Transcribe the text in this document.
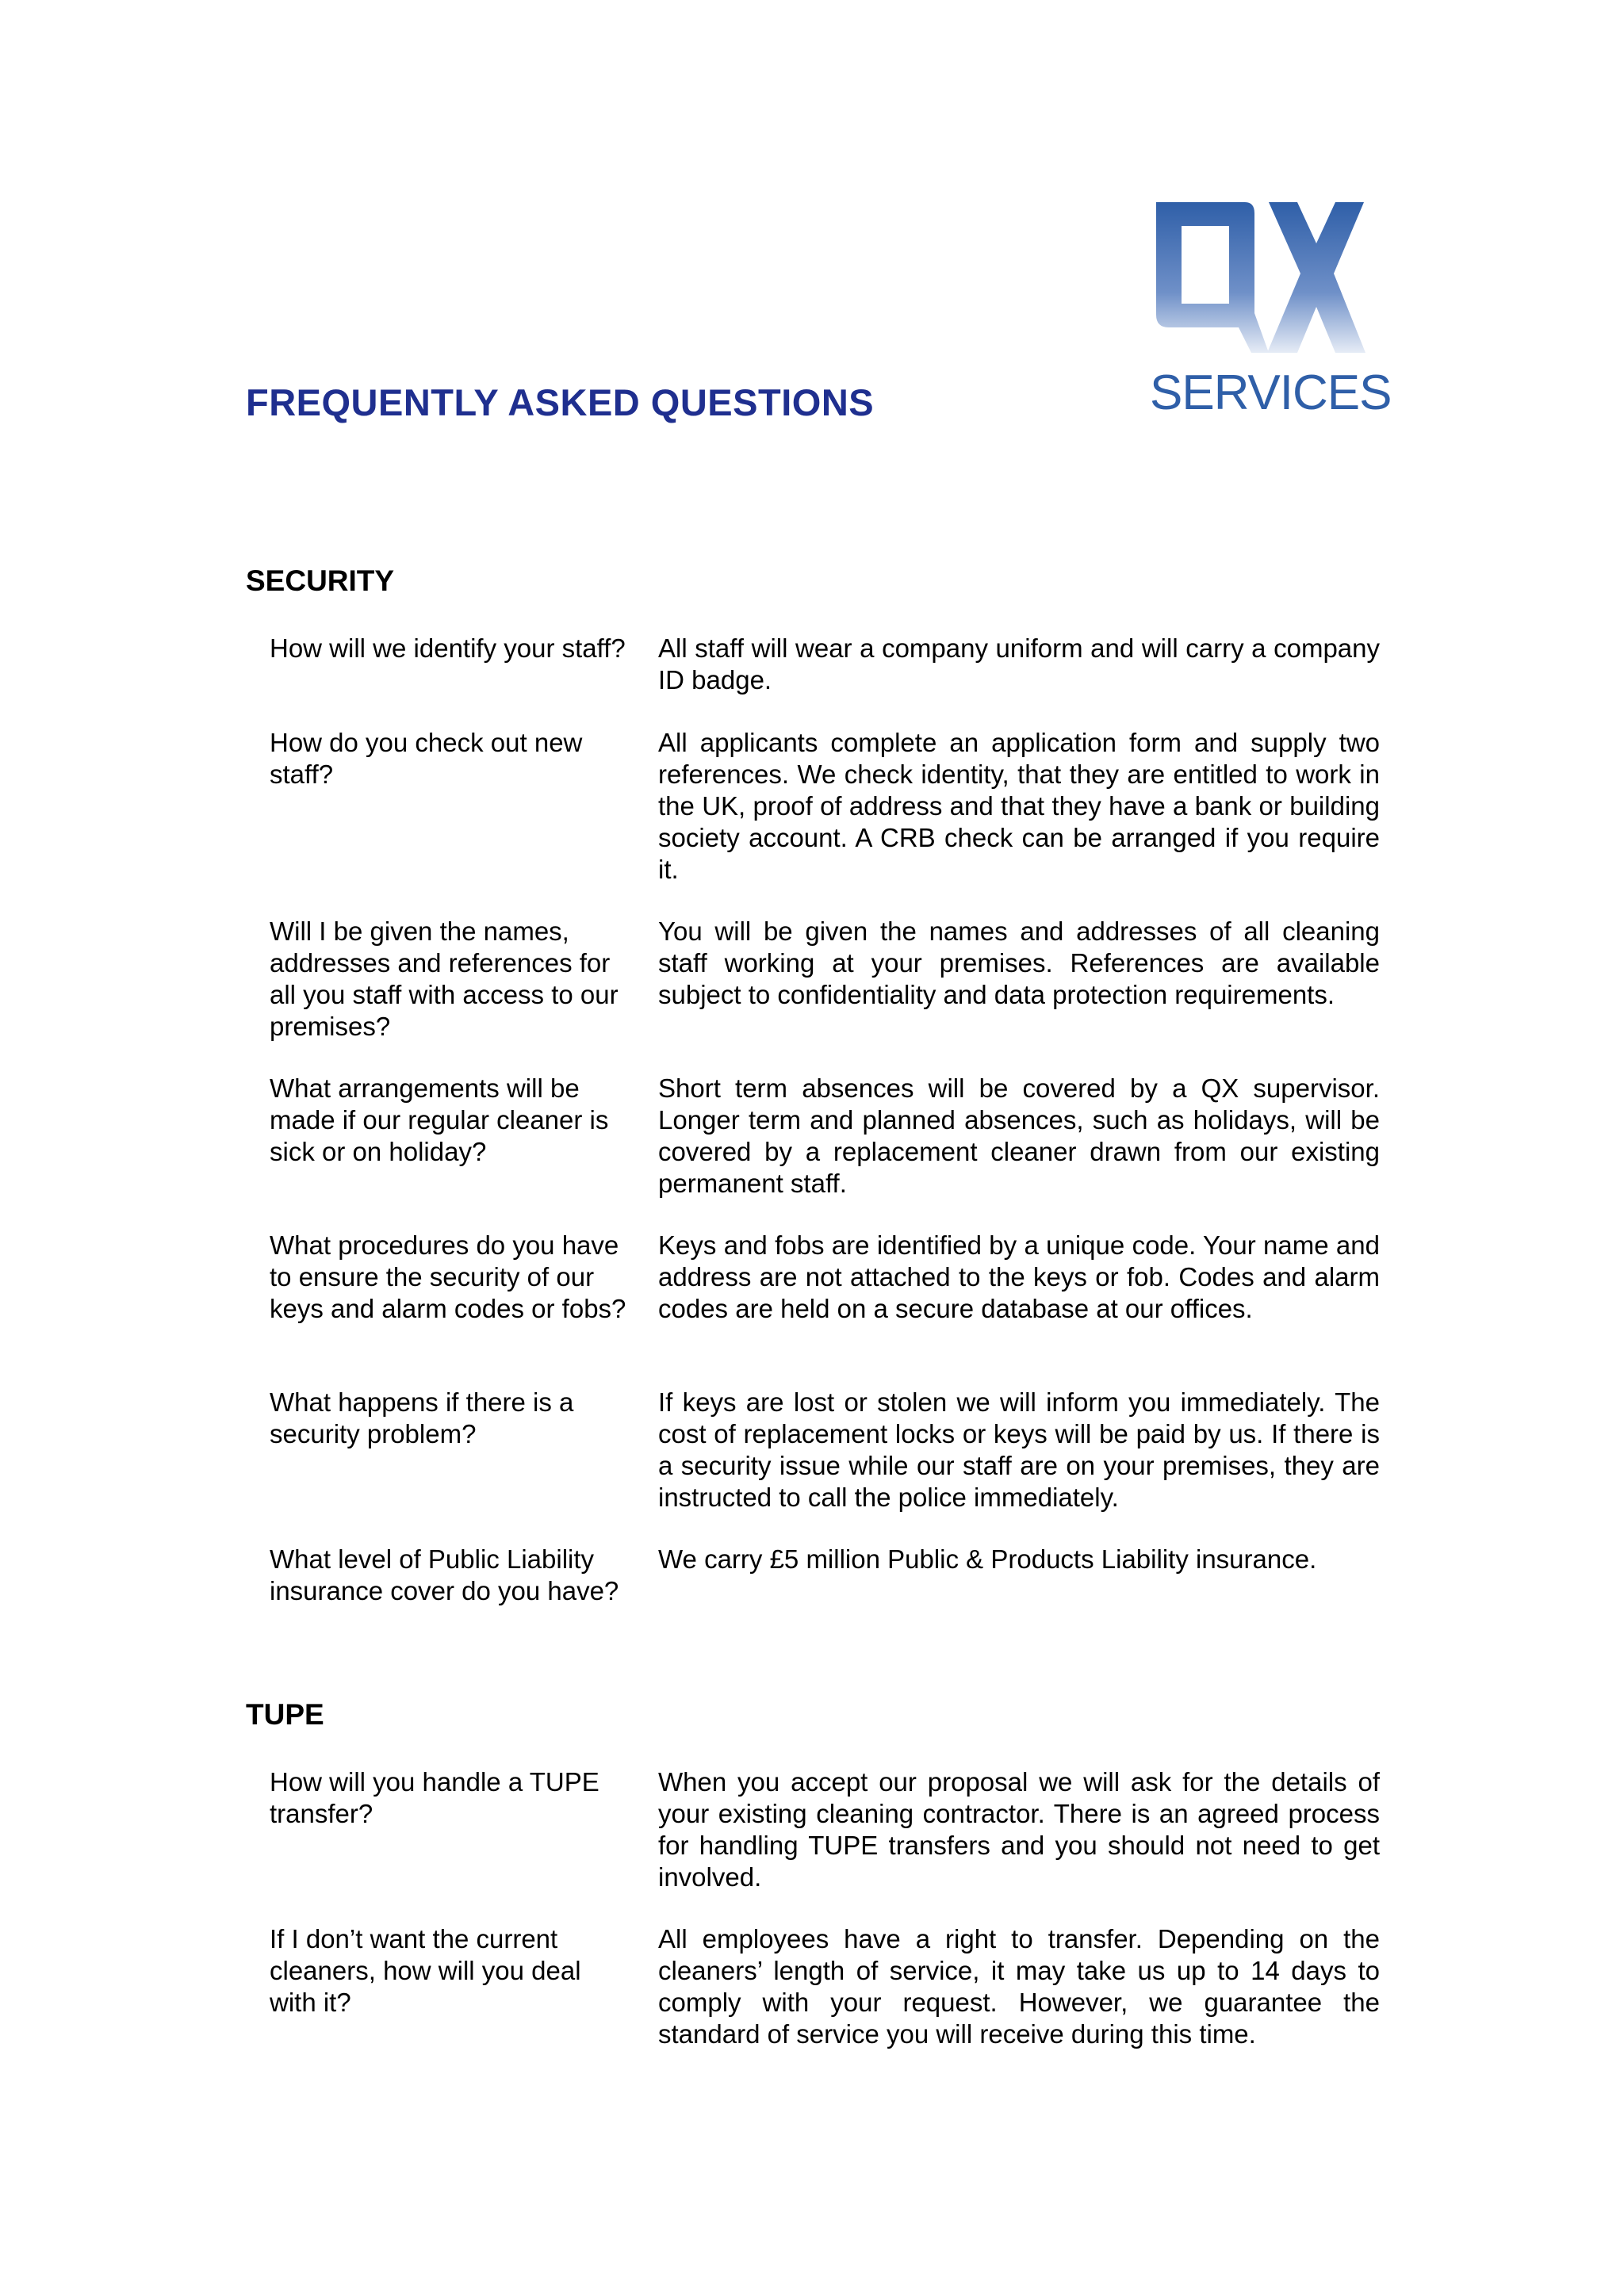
SERVICES
FREQUENTLY ASKED QUESTIONS
SECURITY
How will we identify your staff?	All staff will wear a company uniform and will carry a company ID badge.
How do you check out new staff?
All applicants complete an application form and supply two references. We check identity, that they are entitled to work in the UK, proof of address and that they have a bank or building society account. A CRB check can be arranged if you require it.
Will I be given the names, addresses and references for all you staff with access to our premises?
You will be given the names and addresses of all cleaning staff working at your premises. References are available subject to confidentiality and data protection requirements.
What arrangements will be made if our regular cleaner is sick or on holiday?
Short term absences will be covered by a QX supervisor. Longer term and planned absences, such as holidays, will be covered by a replacement cleaner drawn from our existing permanent staff.
What procedures do you have to ensure the security of our keys and alarm codes or fobs?
Keys and fobs are identified by a unique code. Your name and address are not attached to the keys or fob. Codes and alarm codes are held on a secure database at our offices.
What happens if there is a security problem?
If keys are lost or stolen we will inform you immediately. The cost of replacement locks or keys will be paid by us. If there is a security issue while our staff are on your premises, they are instructed to call the police immediately.
What level of Public Liability insurance cover do you have?
We carry £5 million Public & Products Liability insurance.
TUPE
How will you handle a TUPE transfer?
When you accept our proposal we will ask for the details of your existing cleaning contractor. There is an agreed process for handling TUPE transfers and you should not need to get involved.
If I don’t want the current cleaners, how will you deal with it?
All employees have a right to transfer. Depending on the cleaners’ length of service, it may take us up to 14 days to comply with your request. However, we guarantee the standard of service you will receive during this time.
